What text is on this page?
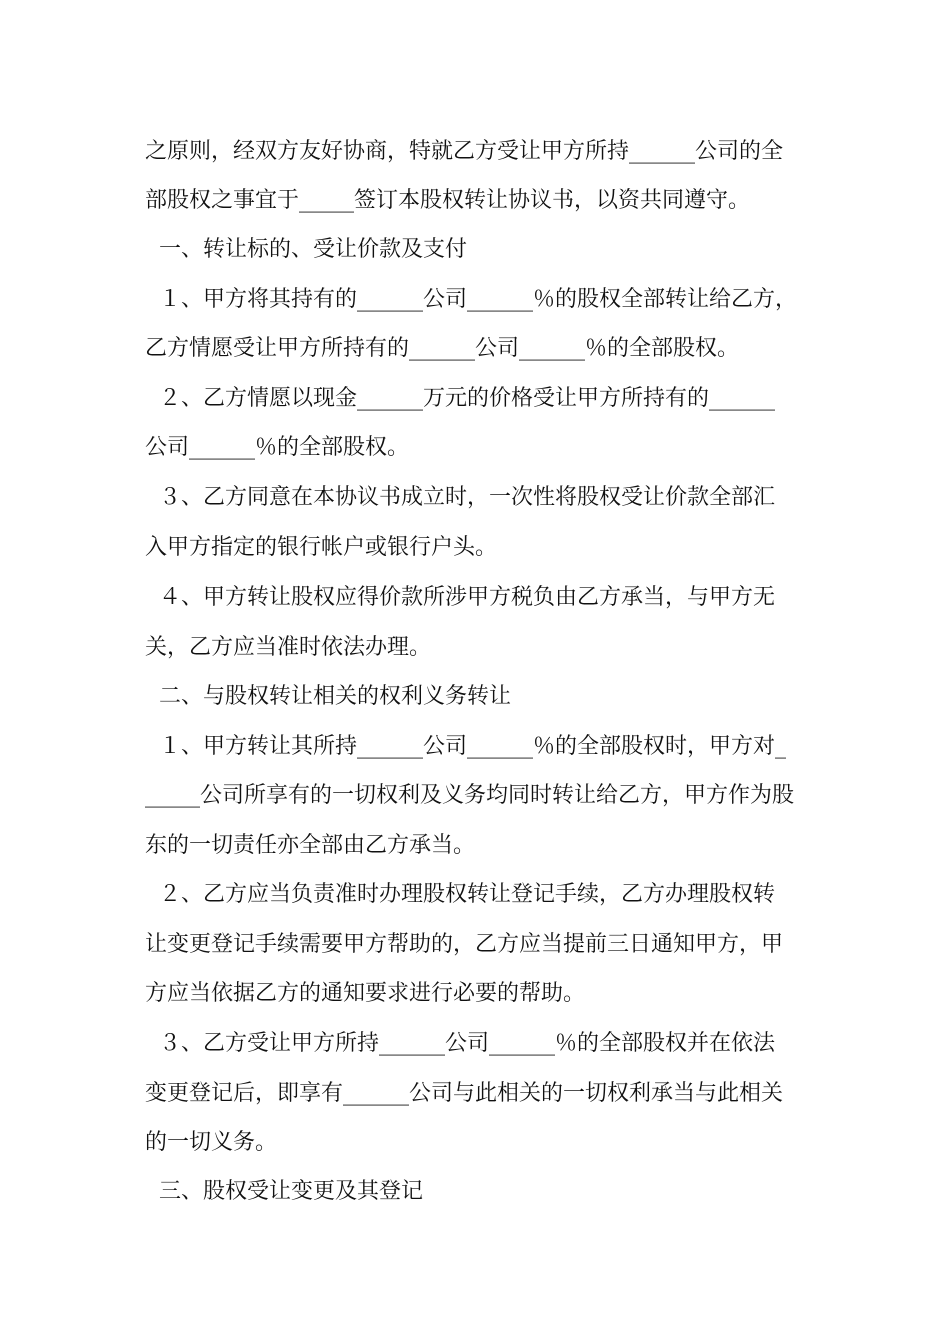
之原则，经双方友好协商，特就乙方受让甲方所持______公司的全

部股权之事宜于_____签订本股权转让协议书，以资共同遵守。

一、转让标的、受让价款及支付

１、甲方将其持有的______公司______％的股权全部转让给乙方，

乙方情愿受让甲方所持有的______公司______％的全部股权。

２、乙方情愿以现金______万元的价格受让甲方所持有的______

公司______％的全部股权。

３、乙方同意在本协议书成立时，一次性将股权受让价款全部汇

入甲方指定的银行帐户或银行户头。

４、甲方转让股权应得价款所涉甲方税负由乙方承当，与甲方无

关，乙方应当准时依法办理。

二、与股权转让相关的权利义务转让

１、甲方转让其所持______公司______％的全部股权时，甲方对_

_____公司所享有的一切权利及义务均同时转让给乙方，甲方作为股

东的一切责任亦全部由乙方承当。

２、乙方应当负责准时办理股权转让登记手续，乙方办理股权转

让变更登记手续需要甲方帮助的，乙方应当提前三日通知甲方，甲

方应当依据乙方的通知要求进行必要的帮助。

３、乙方受让甲方所持______公司______％的全部股权并在依法

变更登记后，即享有______公司与此相关的一切权利承当与此相关

的一切义务。

三、股权受让变更及其登记
